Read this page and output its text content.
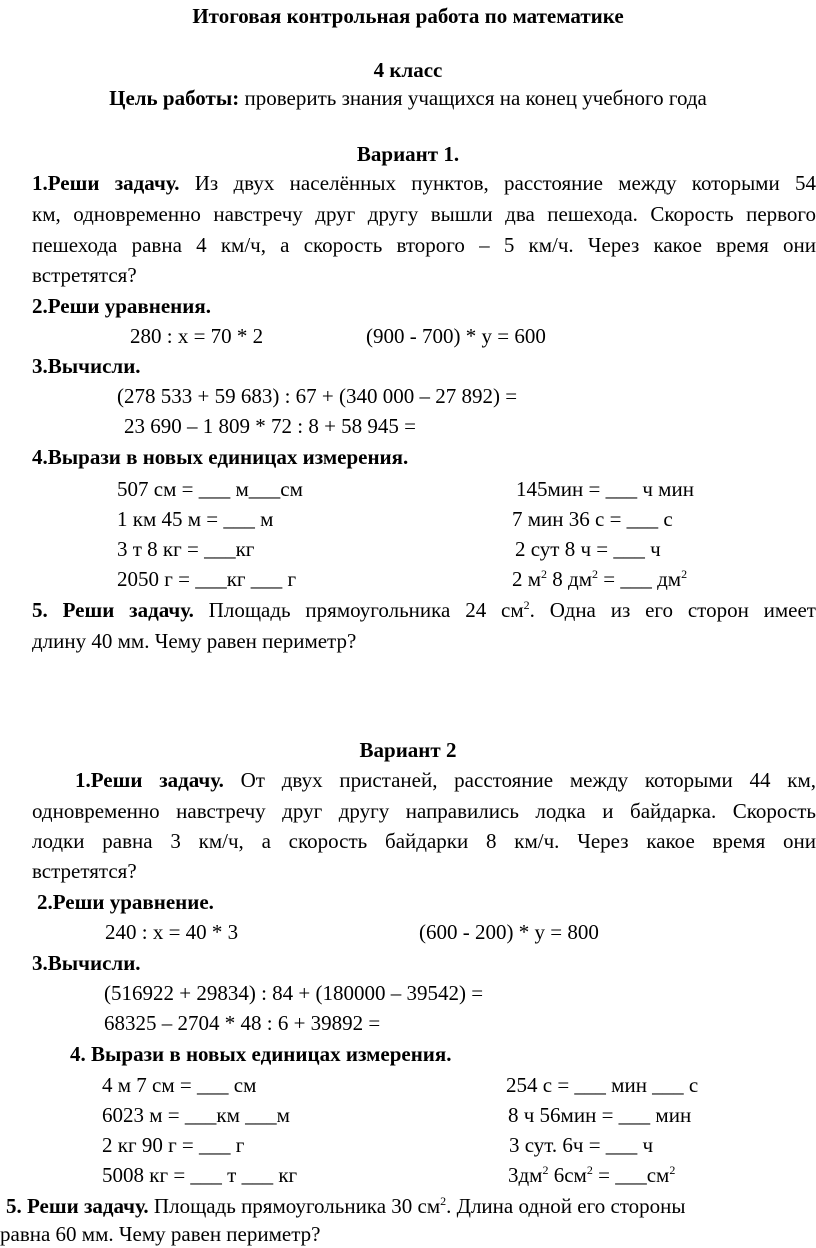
Итоговая контрольная работа по математике
4 класс
Цель работы: проверить знания учащихся на конец учебного года
Вариант 1.
1.Реши задачу. Из двух населённых пунктов, расстояние между которыми 54
км, одновременно навстречу друг другу вышли два пешехода. Скорость первого
пешехода равна 4 км/ч, а скорость второго – 5 км/ч. Через какое время они
встретятся?
2.Реши уравнения.
280 : х = 70 * 2	(900 - 700) * у = 600
3.Вычисли.
(278 533 + 59 683) : 67 + (340 000 – 27 892) =
23 690 – 1 809 * 72 : 8 + 58 945 =
4.Вырази в новых единицах измерения.
507 см = ___ м___см
1 км 45 м = ___ м
3 т 8 кг = ___кг
2050 г = ___кг ___ г
145мин = ___ ч мин
7 мин 36 с = ___ с
2 сут 8 ч = ___ ч
2 $м^2$ 8 $дм^2$ = ___ $дм^2$
5. Реши задачу. Площадь прямоугольника 24 $см^2$. Одна из его сторон имеет
длину 40 мм. Чему равен периметр?
Вариант 2
1.Реши задачу. От двух пристаней, расстояние между которыми 44 км,
одновременно навстречу друг другу направились лодка и байдарка. Скорость
лодки равна 3 км/ч, а скорость байдарки 8 км/ч. Через какое время они
встретятся?
2.Реши уравнение.
240 : х = 40 * 3	(600 - 200) * у = 800
3.Вычисли.
(516922 + 29834) : 84 + (180000 – 39542) =
68325 – 2704 * 48 : 6 + 39892 =
4. Вырази в новых единицах измерения.
4 м 7 см = ___ см
6023 м = ___км ___м
2 кг 90 г = ___ г
5008 кг = ___ т ___ кг
254 с = ___ мин ___ с
8 ч 56мин = ___ мин
3 сут. 6ч = ___ ч
$3дм^2$ $6см^2$ = $\_\_\_см^2$
5. Реши задачу. Площадь прямоугольника 30 $см^2$. Длина одной его стороны
равна 60 мм. Чему равен периметр?
